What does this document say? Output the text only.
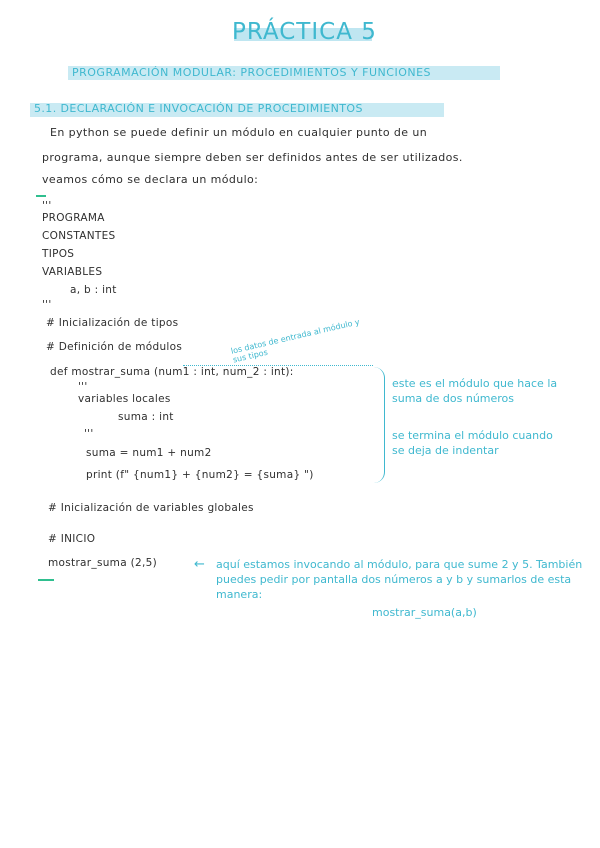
PRÁCTICA 5
PROGRAMACIÓN MODULAR: PROCEDIMIENTOS Y FUNCIONES
5.1. DECLARACIÓN E INVOCACIÓN DE PROCEDIMIENTOS
En python se puede definir un módulo en cualquier punto de un
programa, aunque siempre deben ser definidos antes de ser utilizados.
veamos cómo se declara un módulo:
'''
PROGRAMA
CONSTANTES
TIPOS
VARIABLES
a, b : int
'''
# Inicialización de tipos
# Definición de módulos	los datos de entrada al módulo y sus tipos
def mostrar_suma (num1 : int, num_2 : int):
'''
variables locales
suma : int
'''
suma = num1 + num2
print (f" {num1} + {num2} = {suma} ")
este es el módulo que hace la suma de dos números
se termina el módulo cuando se deja de indentar
# Inicialización de variables globales
# INICIO
mostrar_suma (2,5)	← aquí estamos invocando al módulo, para que sume 2 y 5. También puedes pedir por pantalla dos números a y b y sumarlos de esta manera:
mostrar_suma(a,b)
